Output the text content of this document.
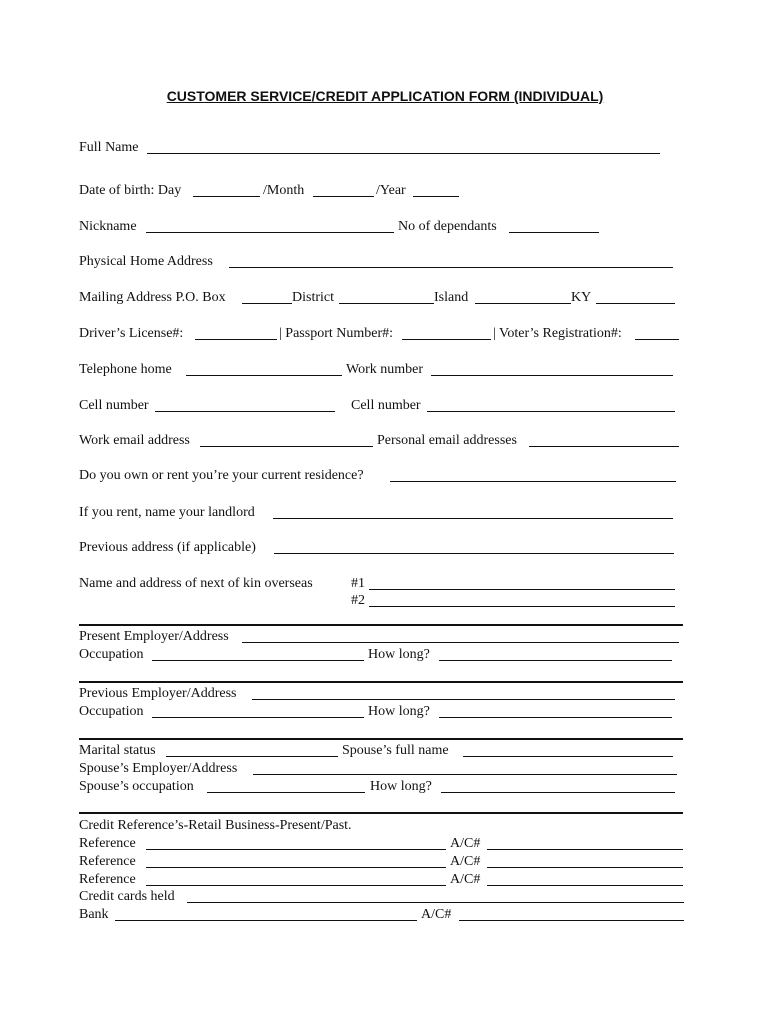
CUSTOMER SERVICE/CREDIT APPLICATION FORM (INDIVIDUAL)
Full Name
Date of birth: Day	/Month	/Year
Nickname	No of dependants
Physical Home Address
Mailing Address P.O. Box	District	Island	KY
Driver’s License#:	| Passport Number#:	| Voter’s Registration#:
Telephone home	Work number
Cell number	Cell number
Work email address	Personal email addresses
Do you own or rent you’re your current residence?
If you rent, name your landlord
Previous address (if applicable)
Name and address of next of kin overseas	#1
#2
Present Employer/Address
Occupation	How long?
Previous Employer/Address
Occupation	How long?
Marital status	Spouse’s full name
Spouse’s Employer/Address
Spouse’s occupation	How long?
Credit Reference’s-Retail Business-Present/Past.
Reference	A/C#
Reference	A/C#
Reference	A/C#
Credit cards held
Bank	A/C#
